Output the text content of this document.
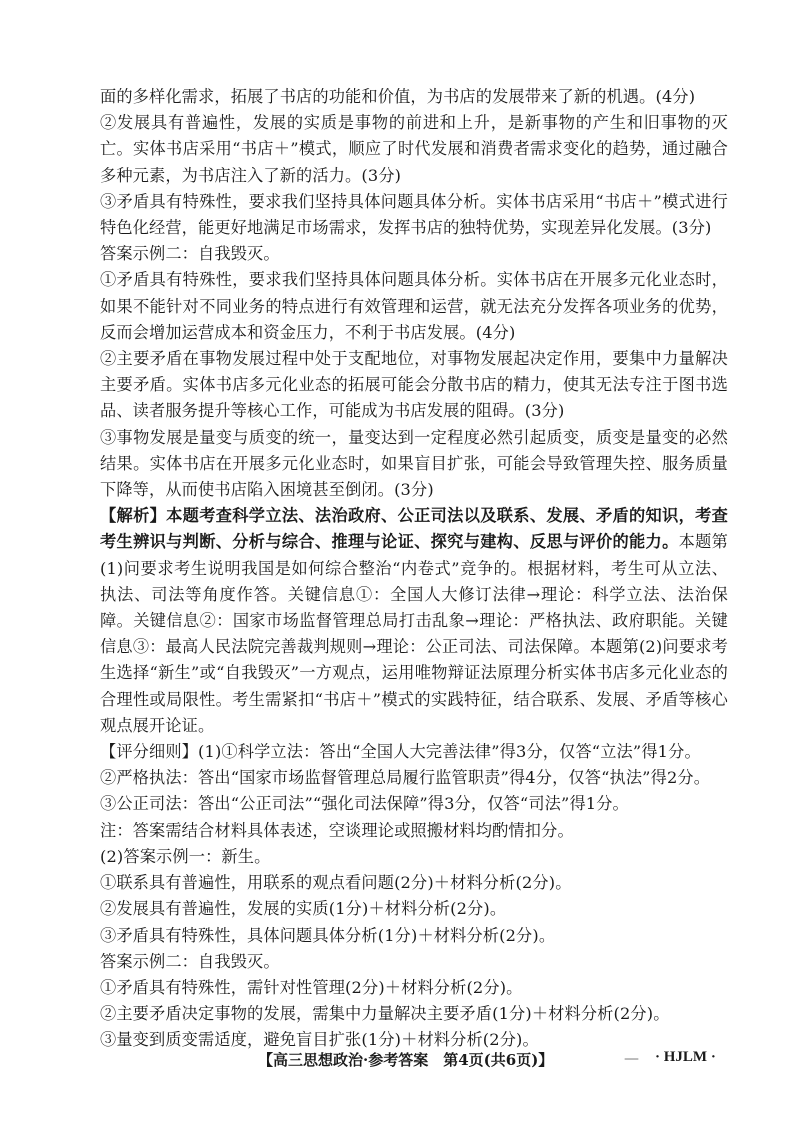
面的多样化需求，拓展了书店的功能和价值，为书店的发展带来了新的机遇。(4分)

②发展具有普遍性，发展的实质是事物的前进和上升，是新事物的产生和旧事物的灭亡。实体书店采用“书店＋”模式，顺应了时代发展和消费者需求变化的趋势，通过融合多种元素，为书店注入了新的活力。(3分)

③矛盾具有特殊性，要求我们坚持具体问题具体分析。实体书店采用“书店＋”模式进行特色化经营，能更好地满足市场需求，发挥书店的独特优势，实现差异化发展。(3分)

答案示例二：自我毁灭。

①矛盾具有特殊性，要求我们坚持具体问题具体分析。实体书店在开展多元化业态时，如果不能针对不同业务的特点进行有效管理和运营，就无法充分发挥各项业务的优势，反而会增加运营成本和资金压力，不利于书店发展。(4分)

②主要矛盾在事物发展过程中处于支配地位，对事物发展起决定作用，要集中力量解决主要矛盾。实体书店多元化业态的拓展可能会分散书店的精力，使其无法专注于图书选品、读者服务提升等核心工作，可能成为书店发展的阻碍。(3分)

③事物发展是量变与质变的统一，量变达到一定程度必然引起质变，质变是量变的必然结果。实体书店在开展多元化业态时，如果盲目扩张，可能会导致管理失控、服务质量下降等，从而使书店陷入困境甚至倒闭。(3分)

【解析】本题考查科学立法、法治政府、公正司法以及联系、发展、矛盾的知识，考查考生辨识与判断、分析与综合、推理与论证、探究与建构、反思与评价的能力。本题第(1)问要求考生说明我国是如何综合整治“内卷式”竞争的。根据材料，考生可从立法、执法、司法等角度作答。关键信息①：全国人大修订法律→理论：科学立法、法治保障。关键信息②：国家市场监督管理总局打击乱象→理论：严格执法、政府职能。关键信息③：最高人民法院完善裁判规则→理论：公正司法、司法保障。本题第(2)问要求考生选择“新生”或“自我毁灭”一方观点，运用唯物辩证法原理分析实体书店多元化业态的合理性或局限性。考生需紧扣“书店＋”模式的实践特征，结合联系、发展、矛盾等核心观点展开论证。

【评分细则】(1)①科学立法：答出“全国人大完善法律”得3分，仅答“立法”得1分。

②严格执法：答出“国家市场监督管理总局履行监管职责”得4分，仅答“执法”得2分。

③公正司法：答出“公正司法”“强化司法保障”得3分，仅答“司法”得1分。

注：答案需结合材料具体表述，空谈理论或照搬材料均酌情扣分。

(2)答案示例一：新生。

①联系具有普遍性，用联系的观点看问题(2分)＋材料分析(2分)。

②发展具有普遍性，发展的实质(1分)＋材料分析(2分)。

③矛盾具有特殊性，具体问题具体分析(1分)＋材料分析(2分)。

答案示例二：自我毁灭。

①矛盾具有特殊性，需针对性管理(2分)＋材料分析(2分)。

②主要矛盾决定事物的发展，需集中力量解决主要矛盾(1分)＋材料分析(2分)。

③量变到质变需适度，避免盲目扩张(1分)＋材料分析(2分)。

【高三思想政治·参考答案　第4页(共6页)】	— · HJLM ·
